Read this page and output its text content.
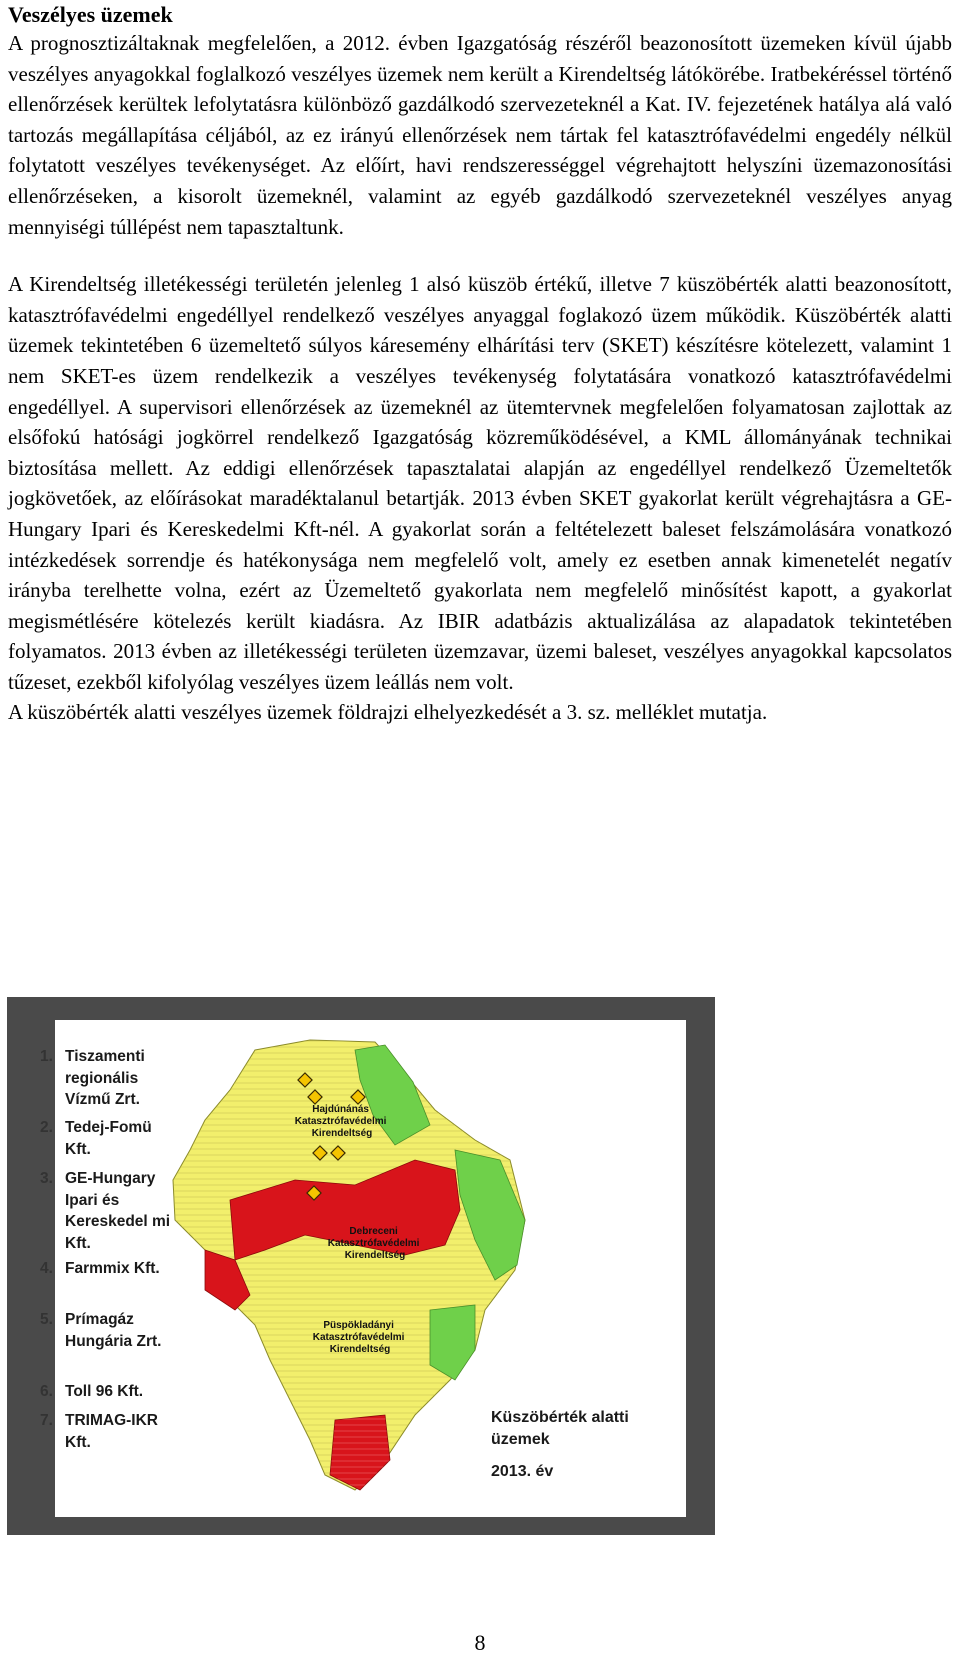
Veszélyes üzemek

A prognosztizáltaknak megfelelően, a 2012. évben Igazgatóság részéről beazonosított üzemeken kívül újabb veszélyes anyagokkal foglalkozó veszélyes üzemek nem került a Kirendeltség látókörébe. Iratbekéréssel történő ellenőrzések kerültek lefolytatásra különböző gazdálkodó szervezeteknél a Kat. IV. fejezetének hatálya alá való tartozás megállapítása céljából, az ez irányú ellenőrzések nem tártak fel katasztrófavédelmi engedély nélkül folytatott veszélyes tevékenységet. Az előírt, havi rendszerességgel végrehajtott helyszíni üzemazonosítási ellenőrzéseken, a kisorolt üzemeknél, valamint az egyéb gazdálkodó szervezeteknél veszélyes anyag mennyiségi túllépést nem tapasztaltunk.

A Kirendeltség illetékességi területén jelenleg 1 alsó küszöb értékű, illetve 7 küszöbérték alatti beazonosított, katasztrófavédelmi engedéllyel rendelkező veszélyes anyaggal foglakozó üzem működik. Küszöbérték alatti üzemek tekintetében 6 üzemeltető súlyos káresemény elhárítási terv (SKET) készítésre kötelezett, valamint 1 nem SKET-es üzem rendelkezik a veszélyes tevékenység folytatására vonatkozó katasztrófavédelmi engedéllyel. A supervisori ellenőrzések az üzemeknél az ütemtervnek megfelelően folyamatosan zajlottak az elsőfokú hatósági jogkörrel rendelkező Igazgatóság közreműködésével, a KML állományának technikai biztosítása mellett. Az eddigi ellenőrzések tapasztalatai alapján az engedéllyel rendelkező Üzemeltetők jogkövetőek, az előírásokat maradéktalanul betartják. 2013 évben SKET gyakorlat került végrehajtásra a GE-Hungary Ipari és Kereskedelmi Kft-nél. A gyakorlat során a feltételezett baleset felszámolására vonatkozó intézkedések sorrendje és hatékonysága nem megfelelő volt, amely ez esetben annak kimenetelét negatív irányba terelhette volna, ezért az Üzemeltető gyakorlata nem megfelelő minősítést kapott, a gyakorlat megismétlésére kötelezés került kiadásra. Az IBIR adatbázis aktualizálása az alapadatok tekintetében folyamatos. 2013 évben az illetékességi területen üzemzavar, üzemi baleset, veszélyes anyagokkal kapcsolatos tűzeset, ezekből kifolyólag veszélyes üzem leállás nem volt.

A küszöbérték alatti veszélyes üzemek földrajzi elhelyezkedését a 3. sz. melléklet mutatja.

Hajdúnánás Katasztrófavédelmi Kirendeltség
Debreceni Katasztrófavédelmi Kirendeltség
Püspökladányi Katasztrófavédelmi Kirendeltség
1. Tiszamenti regionális Vízmű Zrt.
2. Tedej-Fomü Kft.
3. GE-Hungary Ipari és Kereskedel mi Kft.
4. Farmmix Kft.
5. Prímagáz Hungária Zrt.
6. Toll 96 Kft.
7. TRIMAG-IKR Kft.
Küszöbérték alatti üzemek
2013. év
8
